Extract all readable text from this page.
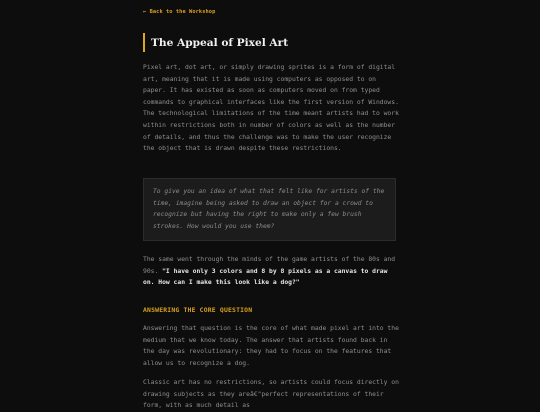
← Back to the Workshop
The Appeal of Pixel Art

Pixel art, dot art, or simply drawing sprites is a form of digital art, meaning that it is made using computers as opposed to on paper. It has existed as soon as computers moved on from typed commands to graphical interfaces like the first version of Windows. The technological limitations of the time meant artists had to work within restrictions both in number of colors as well as the number of details, and thus the challenge was to make the user recognize the object that is drawn despite these restrictions.

To give you an idea of what that felt like for artists of the time, imagine being asked to draw an object for a crowd to recognize but having the right to make only a few brush strokes. How would you use them?

The same went through the minds of the game artists of the 80s and 90s. "I have only 3 colors and 8 by 8 pixels as a canvas to draw on. How can I make this look like a dog?"

ANSWERING THE CORE QUESTION

Answering that question is the core of what made pixel art into the medium that we know today. The answer that artists found back in the day was revolutionary: they had to focus on the features that allow us to recognize a dog.

Classic art has no restrictions, so artists could focus directly on drawing subjects as they areâ€"perfect representations of their form, with as much detail as
